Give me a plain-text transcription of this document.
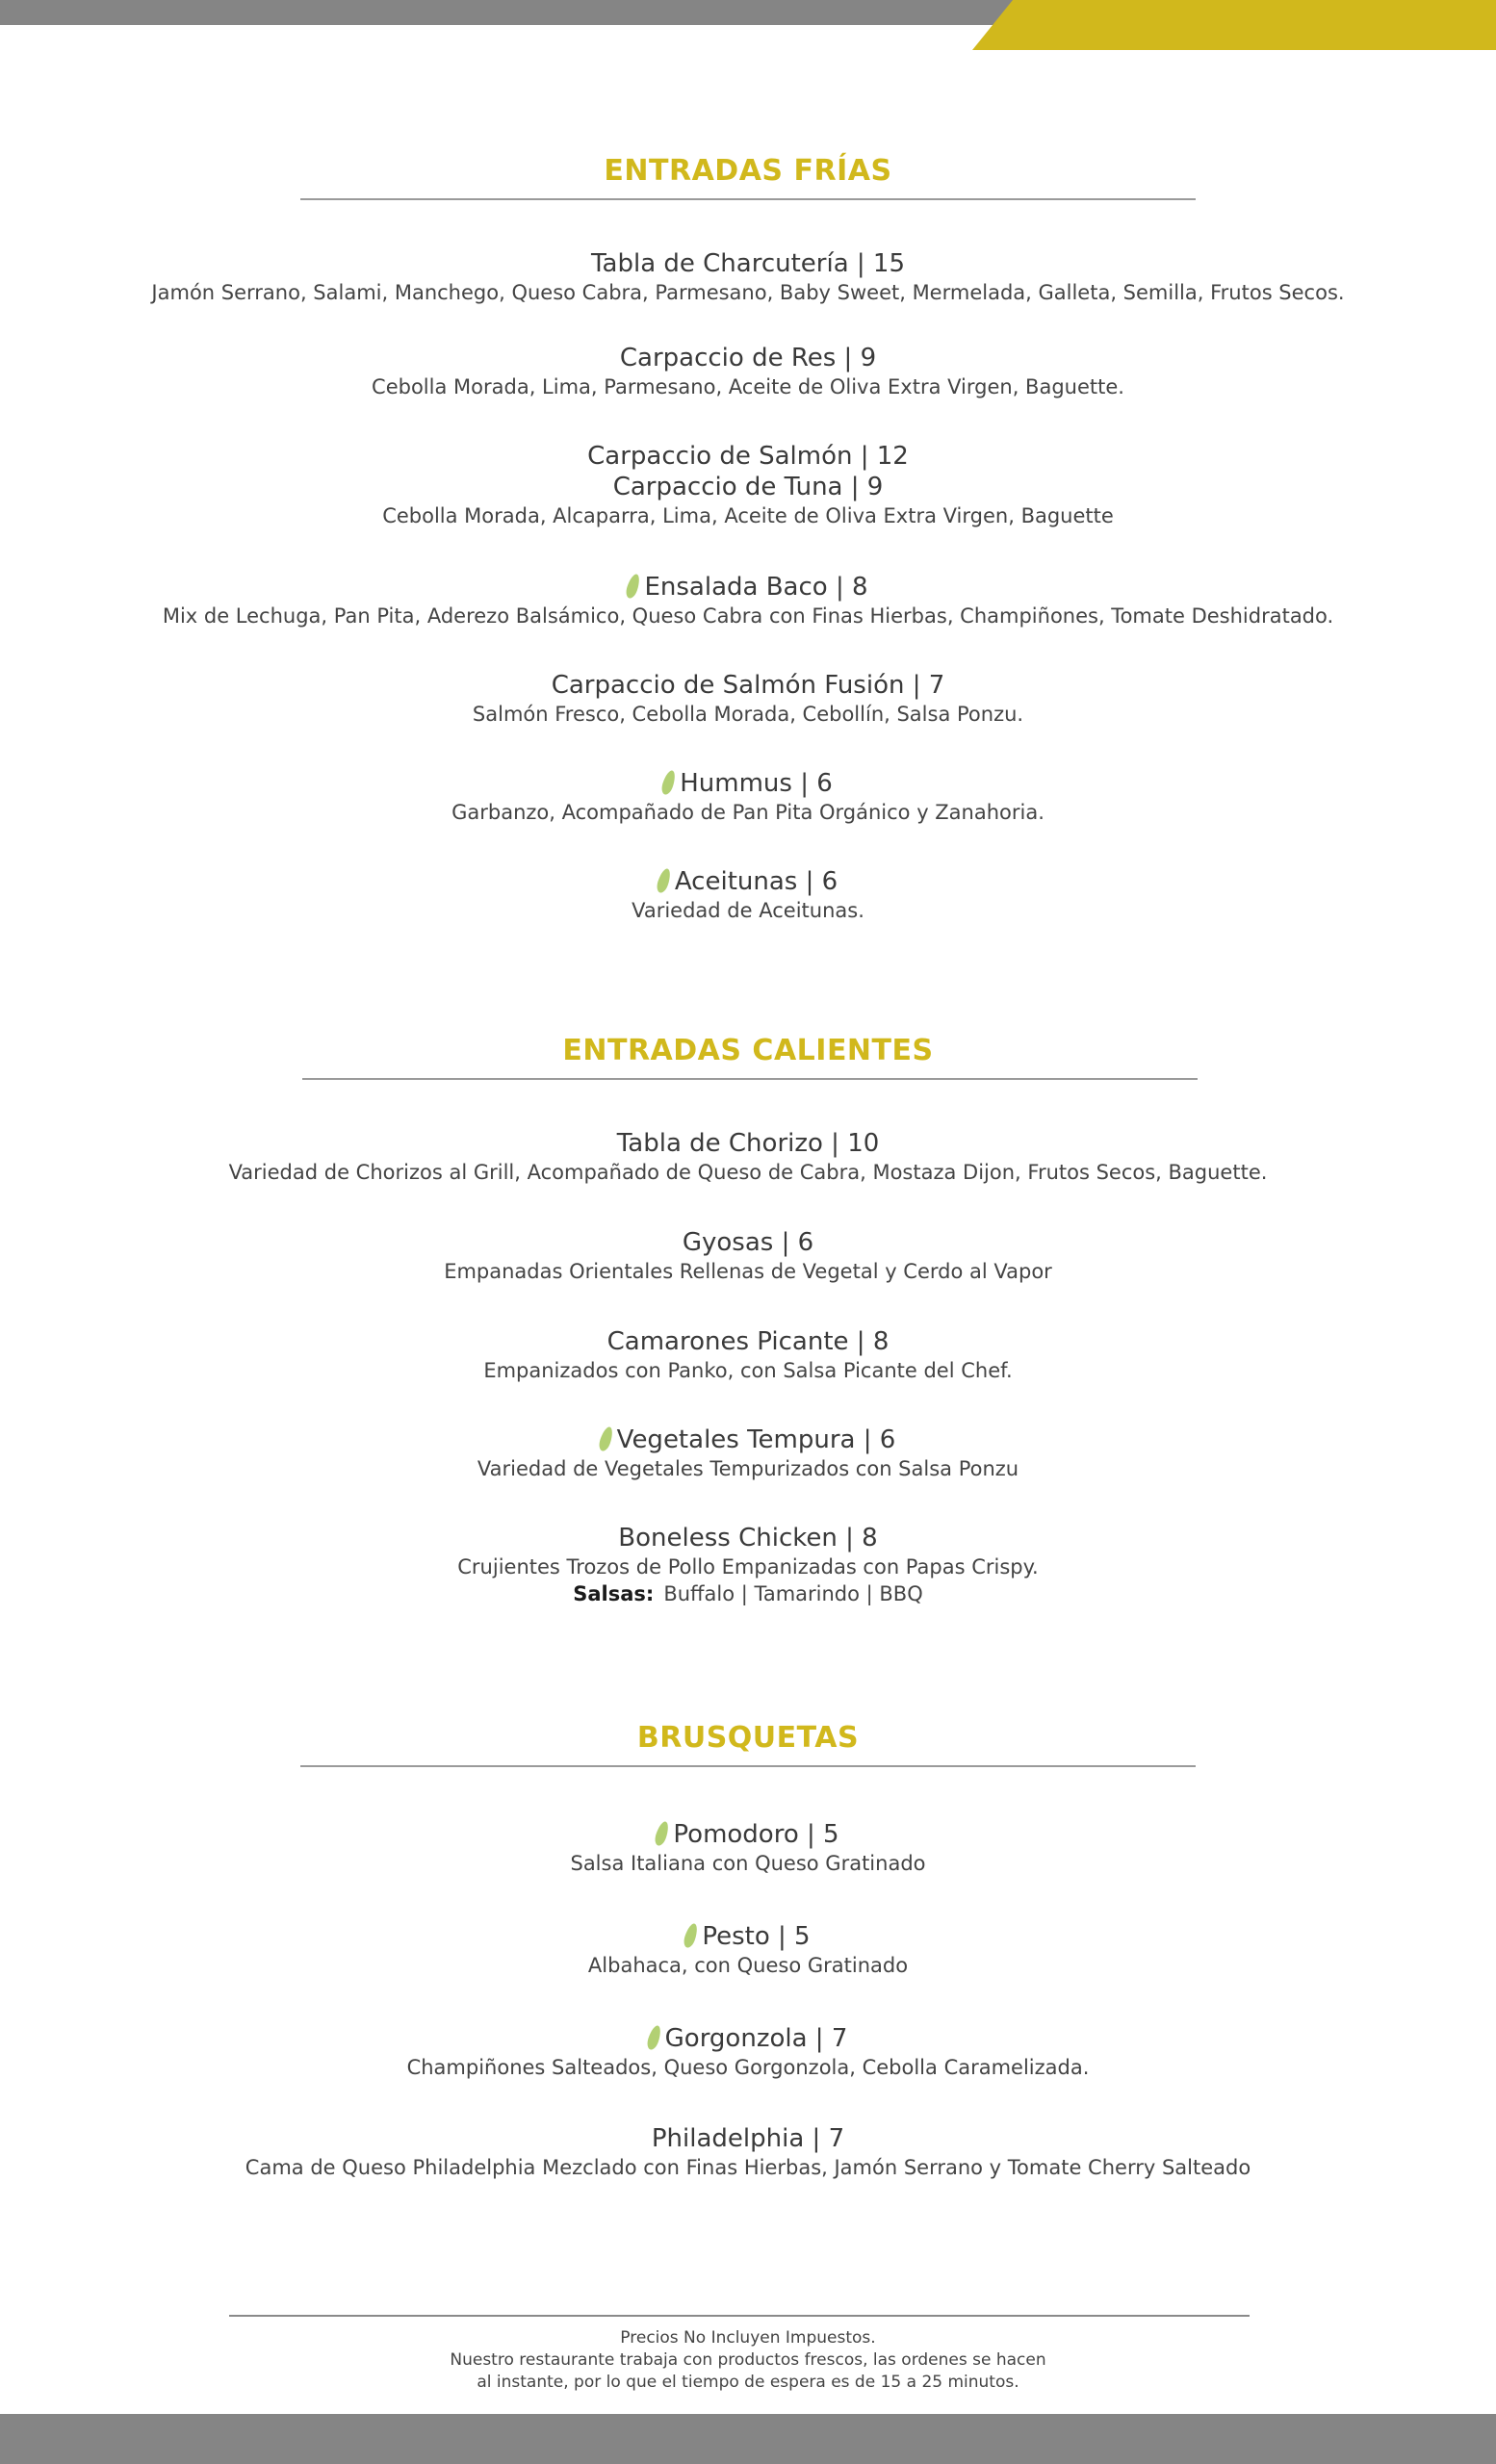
ENTRADAS FRÍAS
Tabla de Charcutería | 15
Jamón Serrano, Salami, Manchego, Queso Cabra, Parmesano, Baby Sweet, Mermelada, Galleta, Semilla, Frutos Secos.
Carpaccio de Res | 9
Cebolla Morada, Lima, Parmesano, Aceite de Oliva Extra Virgen, Baguette.
Carpaccio de Salmón | 12
Carpaccio de Tuna | 9
Cebolla Morada, Alcaparra, Lima, Aceite de Oliva Extra Virgen, Baguette
Ensalada Baco | 8
Mix de Lechuga, Pan Pita, Aderezo Balsámico, Queso Cabra con Finas Hierbas, Champiñones, Tomate Deshidratado.
Carpaccio de Salmón Fusión | 7
Salmón Fresco, Cebolla Morada, Cebollín, Salsa Ponzu.
Hummus | 6
Garbanzo, Acompañado de Pan Pita Orgánico y Zanahoria.
Aceitunas | 6
Variedad de Aceitunas.
ENTRADAS CALIENTES
Tabla de Chorizo | 10
Variedad de Chorizos al Grill, Acompañado de Queso de Cabra, Mostaza Dijon, Frutos Secos, Baguette.
Gyosas | 6
Empanadas Orientales Rellenas de Vegetal y Cerdo al Vapor
Camarones Picante | 8
Empanizados con Panko, con Salsa Picante del Chef.
Vegetales Tempura | 6
Variedad de Vegetales Tempurizados con Salsa Ponzu
Boneless Chicken | 8
Crujientes Trozos de Pollo Empanizadas con Papas Crispy.
Salsas: Buffalo | Tamarindo | BBQ
BRUSQUETAS
Pomodoro | 5
Salsa Italiana con Queso Gratinado
Pesto | 5
Albahaca, con Queso Gratinado
Gorgonzola | 7
Champiñones Salteados, Queso Gorgonzola, Cebolla Caramelizada.
Philadelphia | 7
Cama de Queso Philadelphia Mezclado con Finas Hierbas, Jamón Serrano y Tomate Cherry Salteado
Precios No Incluyen Impuestos.
Nuestro restaurante trabaja con productos frescos, las ordenes se hacen
al instante, por lo que el tiempo de espera es de 15 a 25 minutos.
